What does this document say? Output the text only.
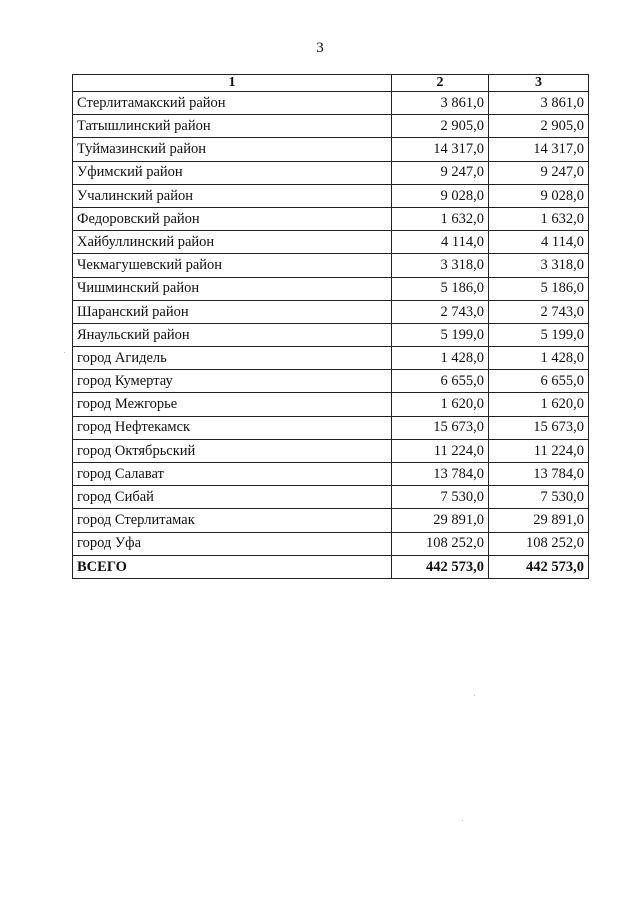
3
1	2	3
Стерлитамакский район	3 861,0	3 861,0
Татышлинский район	2 905,0	2 905,0
Туймазинский район	14 317,0	14 317,0
Уфимский район	9 247,0	9 247,0
Учалинский район	9 028,0	9 028,0
Федоровский район	1 632,0	1 632,0
Хайбуллинский район	4 114,0	4 114,0
Чекмагушевский район	3 318,0	3 318,0
Чишминский район	5 186,0	5 186,0
Шаранский район	2 743,0	2 743,0
Янаульский район	5 199,0	5 199,0
город Агидель	1 428,0	1 428,0
город Кумертау	6 655,0	6 655,0
город Межгорье	1 620,0	1 620,0
город Нефтекамск	15 673,0	15 673,0
город Октябрьский	11 224,0	11 224,0
город Салават	13 784,0	13 784,0
город Сибай	7 530,0	7 530,0
город Стерлитамак	29 891,0	29 891,0
город Уфа	108 252,0	108 252,0
ВСЕГО	442 573,0	442 573,0
